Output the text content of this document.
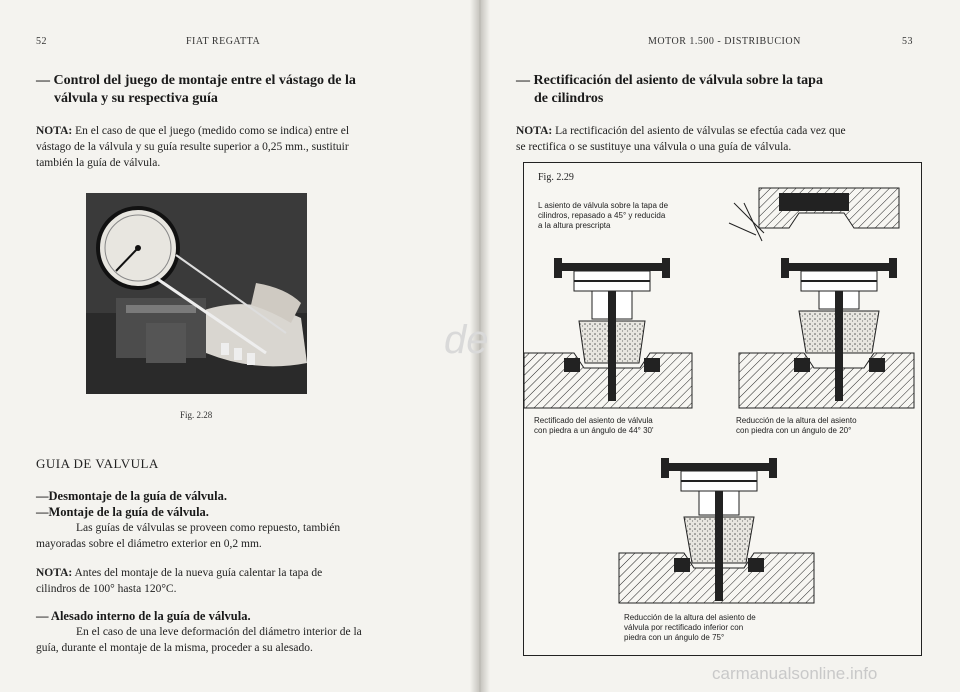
52	FIAT REGATTA
— Control del juego de montaje entre el vástago de la
válvula y su respectiva guía
NOTA: En el caso de que el juego (medido como se indica) entre el
vástago de la válvula y su guía resulte superior a 0,25 mm., sustituir
también la guía de válvula.
Fig. 2.28
GUIA DE VALVULA
—Desmontaje de la guía de válvula.
—Montaje de la guía de válvula.
Las guías de válvulas se proveen como repuesto, también
mayoradas sobre el diámetro exterior en 0,2 mm.
NOTA: Antes del montaje de la nueva guía calentar la tapa de
cilindros de 100° hasta 120°C.
— Alesado interno de la guía de válvula.
En el caso de una leve deformación del diámetro interior de la
guía, durante el montaje de la misma, proceder a su alesado.
de
MOTOR 1.500 - DISTRIBUCION	53
— Rectificación del asiento de válvula sobre la tapa
de cilindros
NOTA: La rectificación del asiento de válvulas se efectúa cada vez que
se rectifica o se sustituye una válvula o una guía de válvula.
Fig. 2.29
L asiento de válvula sobre la tapa de
cilindros, repasado a 45° y reducida
a la altura prescripta
Rectificado del asiento de válvula
con piedra a un ángulo de 44° 30'
Reducción de la altura del asiento
con piedra con un ángulo de 20°
Reducción de la altura del asiento de
válvula por rectificado inferior con
piedra con un ángulo de 75°
carmanualsonline.info
